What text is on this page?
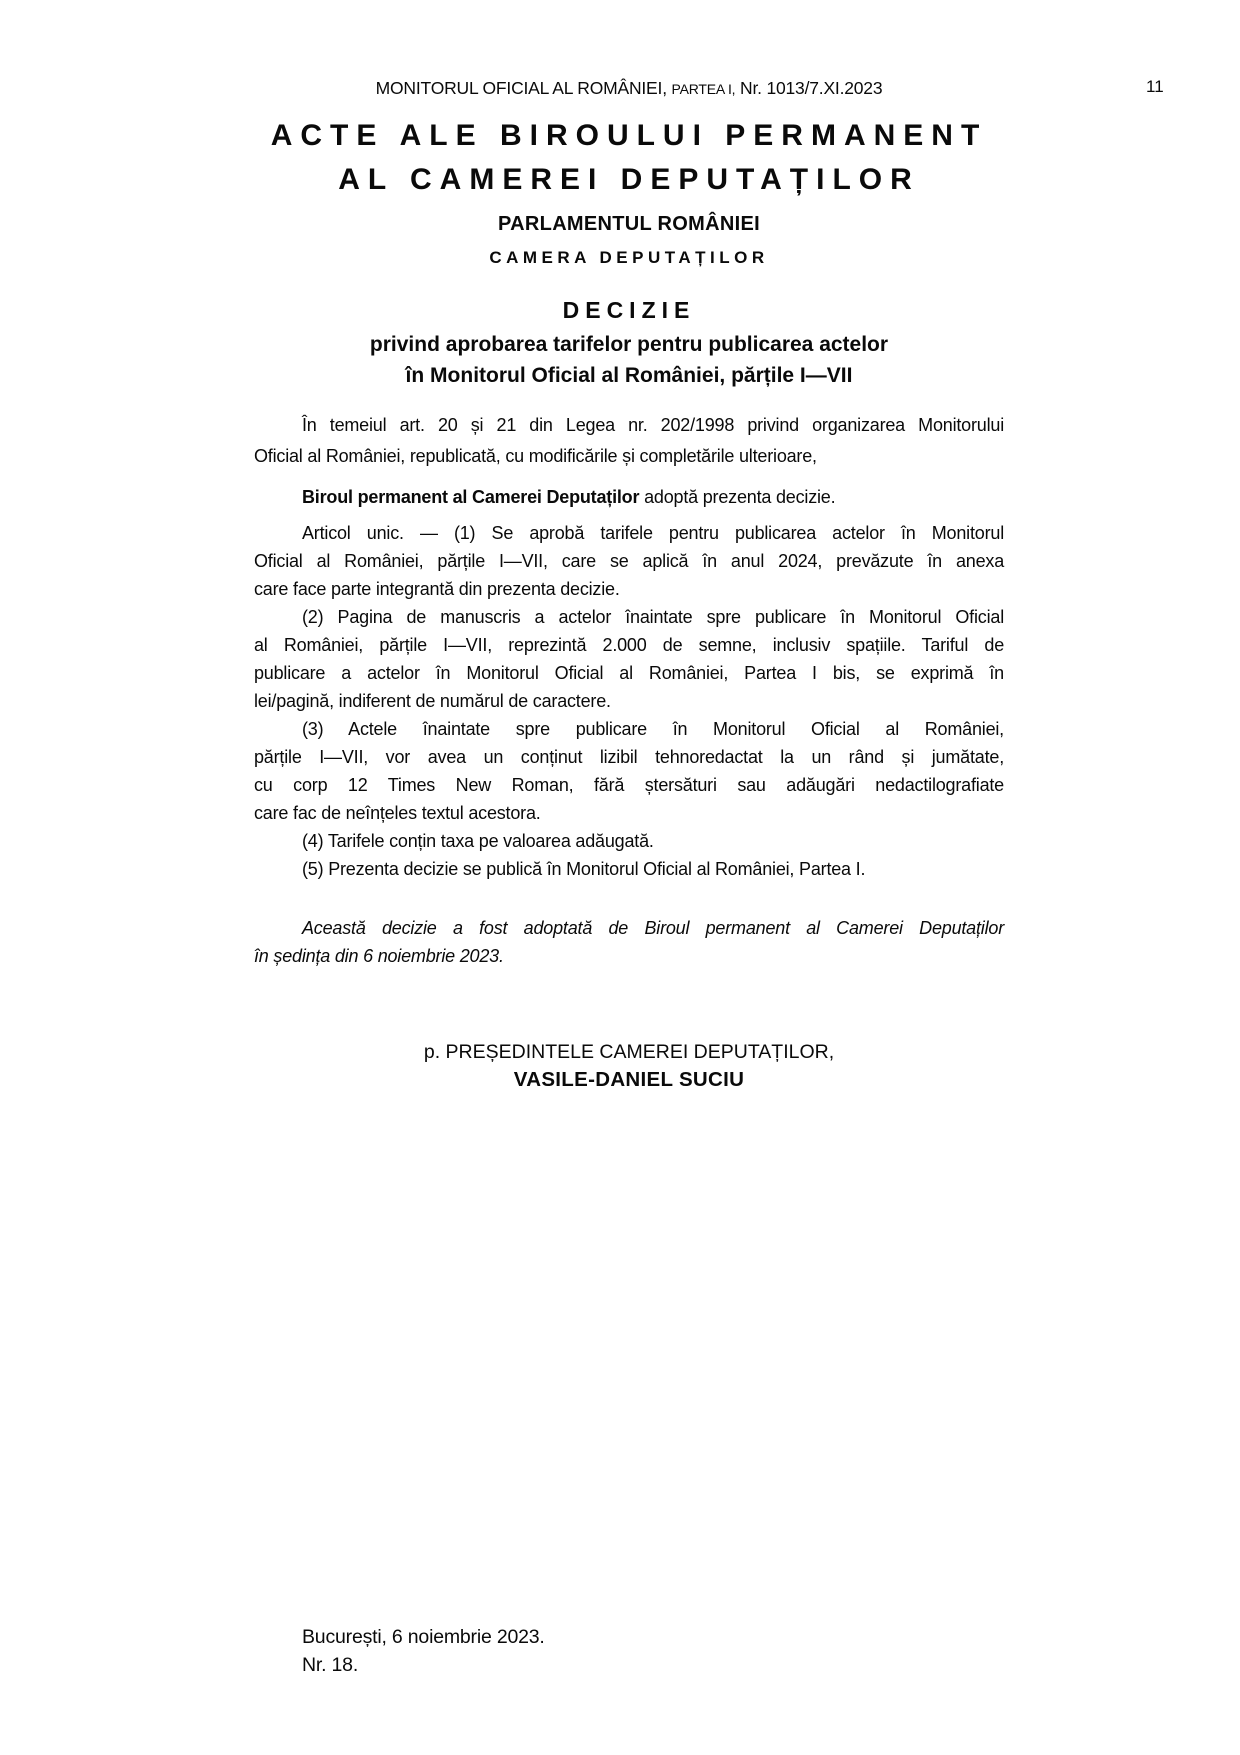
MONITORUL OFICIAL AL ROMÂNIEI, PARTEA I, Nr. 1013/7.XI.2023	11
ACTE ALE BIROULUI PERMANENT
AL CAMEREI DEPUTAȚILOR
PARLAMENTUL ROMÂNIEI
CAMERA DEPUTAȚILOR
DECIZIE
privind aprobarea tarifelor pentru publicarea actelor
în Monitorul Oficial al României, părțile I—VII
În temeiul art. 20 și 21 din Legea nr. 202/1998 privind organizarea Monitorului
Oficial al României, republicată, cu modificările și completările ulterioare,
Biroul permanent al Camerei Deputaților adoptă prezenta decizie.
Articol unic. — (1) Se aprobă tarifele pentru publicarea actelor în Monitorul
Oficial al României, părțile I—VII, care se aplică în anul 2024, prevăzute în anexa
care face parte integrantă din prezenta decizie.
(2) Pagina de manuscris a actelor înaintate spre publicare în Monitorul Oficial
al României, părțile I—VII, reprezintă 2.000 de semne, inclusiv spațiile. Tariful de
publicare a actelor în Monitorul Oficial al României, Partea I bis, se exprimă în
lei/pagină, indiferent de numărul de caractere.
(3) Actele înaintate spre publicare în Monitorul Oficial al României,
părțile I—VII, vor avea un conținut lizibil tehnoredactat la un rând și jumătate,
cu corp 12 Times New Roman, fără ștersături sau adăugări nedactilografiate
care fac de neînțeles textul acestora.
(4) Tarifele conțin taxa pe valoarea adăugată.
(5) Prezenta decizie se publică în Monitorul Oficial al României, Partea I.
Această decizie a fost adoptată de Biroul permanent al Camerei Deputaților
în ședința din 6 noiembrie 2023.
p. PREȘEDINTELE CAMEREI DEPUTAȚILOR,
VASILE-DANIEL SUCIU
București, 6 noiembrie 2023.
Nr. 18.
